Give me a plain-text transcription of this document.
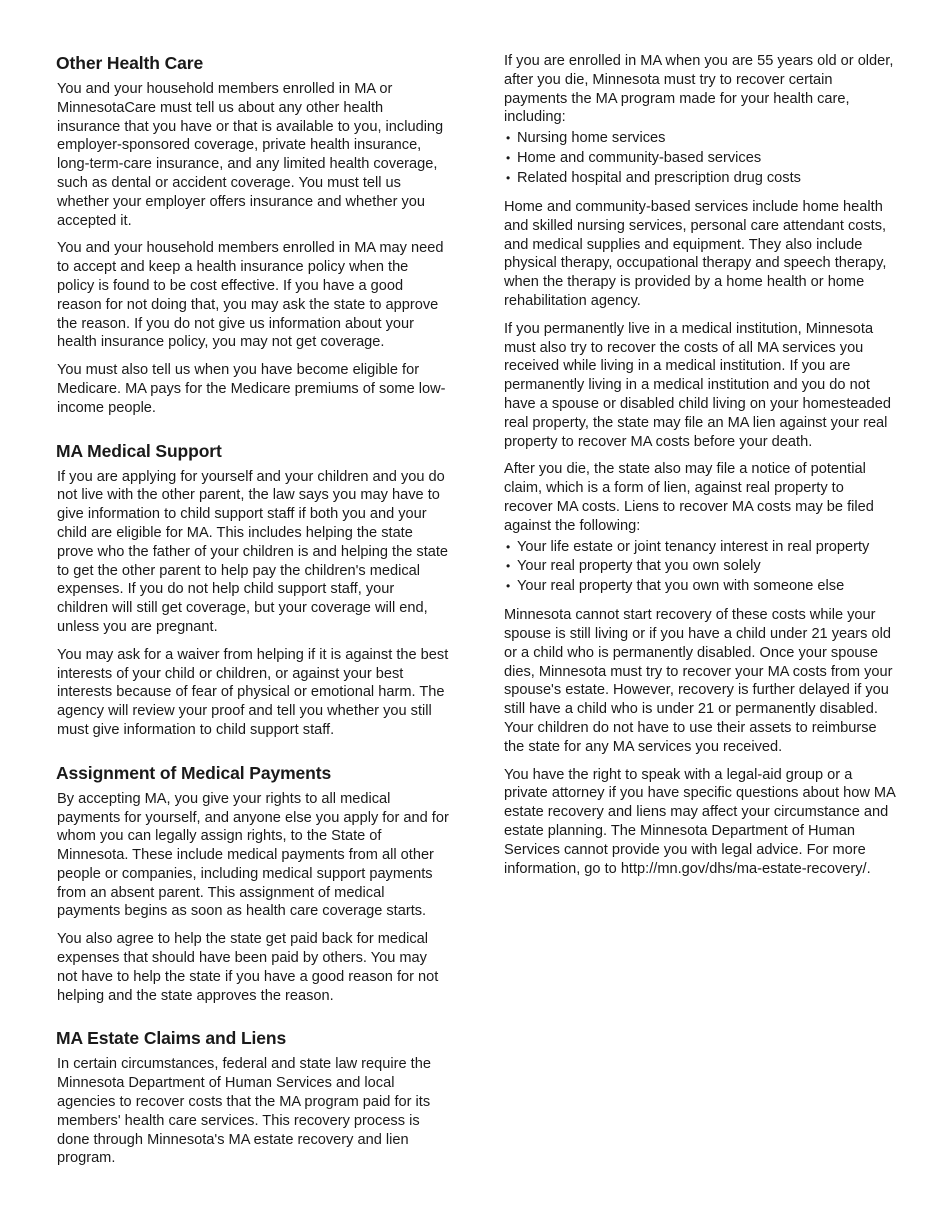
Other Health Care

You and your household members enrolled in MA or MinnesotaCare must tell us about any other health insurance that you have or that is available to you, including employer-sponsored coverage, private health insurance, long-term-care insurance, and any limited health coverage, such as dental or accident coverage. You must tell us whether your employer offers insurance and whether you accepted it.

You and your household members enrolled in MA may need to accept and keep a health insurance policy when the policy is found to be cost effective. If you have a good reason for not doing that, you may ask the state to approve the reason. If you do not give us information about your health insurance policy, you may not get coverage.

You must also tell us when you have become eligible for Medicare. MA pays for the Medicare premiums of some low-income people.

MA Medical Support

If you are applying for yourself and your children and you do not live with the other parent, the law says you may have to give information to child support staff if both you and your child are eligible for MA. This includes helping the state prove who the father of your children is and helping the state to get the other parent to help pay the children's medical expenses. If you do not help child support staff, your children will still get coverage, but your coverage will end, unless you are pregnant.

You may ask for a waiver from helping if it is against the best interests of your child or children, or against your best interests because of fear of physical or emotional harm. The agency will review your proof and tell you whether you still must give information to child support staff.

Assignment of Medical Payments

By accepting MA, you give your rights to all medical payments for yourself, and anyone else you apply for and for whom you can legally assign rights, to the State of Minnesota. These include medical payments from all other people or companies, including medical support payments from an absent parent. This assignment of medical payments begins as soon as health care coverage starts.

You also agree to help the state get paid back for medical expenses that should have been paid by others. You may not have to help the state if you have a good reason for not helping and the state approves the reason.

MA Estate Claims and Liens

In certain circumstances, federal and state law require the Minnesota Department of Human Services and local agencies to recover costs that the MA program paid for its members' health care services. This recovery process is done through Minnesota's MA estate recovery and lien program.

If you are enrolled in MA when you are 55 years old or older, after you die, Minnesota must try to recover certain payments the MA program made for your health care, including:

• Nursing home services
• Home and community-based services
• Related hospital and prescription drug costs

Home and community-based services include home health and skilled nursing services, personal care attendant costs, and medical supplies and equipment. They also include physical therapy, occupational therapy and speech therapy, when the therapy is provided by a home health or home rehabilitation agency.

If you permanently live in a medical institution, Minnesota must also try to recover the costs of all MA services you received while living in a medical institution. If you are permanently living in a medical institution and you do not have a spouse or disabled child living on your homesteaded real property, the state may file an MA lien against your real property to recover MA costs before your death.

After you die, the state also may file a notice of potential claim, which is a form of lien, against real property to recover MA costs. Liens to recover MA costs may be filed against the following:

• Your life estate or joint tenancy interest in real property
• Your real property that you own solely
• Your real property that you own with someone else

Minnesota cannot start recovery of these costs while your spouse is still living or if you have a child under 21 years old or a child who is permanently disabled. Once your spouse dies, Minnesota must try to recover your MA costs from your spouse's estate. However, recovery is further delayed if you still have a child who is under 21 or permanently disabled. Your children do not have to use their assets to reimburse the state for any MA services you received.

You have the right to speak with a legal-aid group or a private attorney if you have specific questions about how MA estate recovery and liens may affect your circumstance and estate planning. The Minnesota Department of Human Services cannot provide you with legal advice. For more information, go to http://mn.gov/dhs/ma-estate-recovery/.
